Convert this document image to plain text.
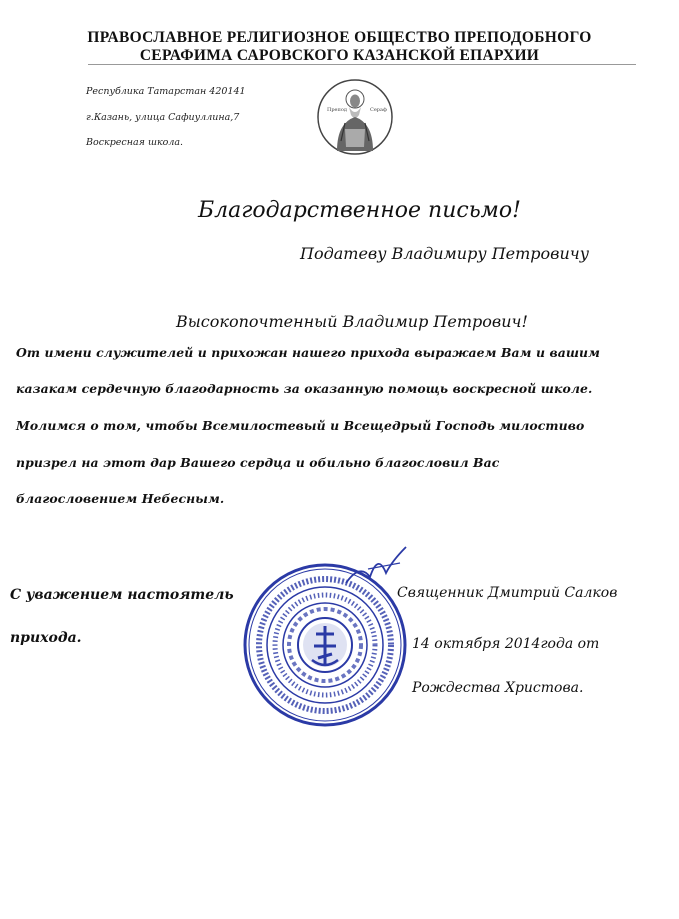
ПРАВОСЛАВНОЕ РЕЛИГИОЗНОЕ ОБЩЕСТВО ПРЕПОДОБНОГО
СЕРАФИМА САРОВСКОГО КАЗАНСКОЙ ЕПАРХИИ
Республика Татарстан 420141
г.Казань, улица Сафиуллина,7
Воскресная школа.
Препод	Сераф
Благодарственное письмо!
Податеву Владимиру Петровичу
Высокопочтенный Владимир Петрович!
От имени служителей и прихожан нашего прихода выражаем Вам и вашим
казакам сердечную благодарность за оказанную помощь воскресной школе.
Молимся о том, чтобы Всемилостевый и Всещедрый Господь милостиво
призрел на этот дар Вашего сердца и обильно благословил Вас
благословением Небесным.
С уважением настоятель
прихода.
Священник Дмитрий Салков
14 октября 2014года от
Рождества Христова.
